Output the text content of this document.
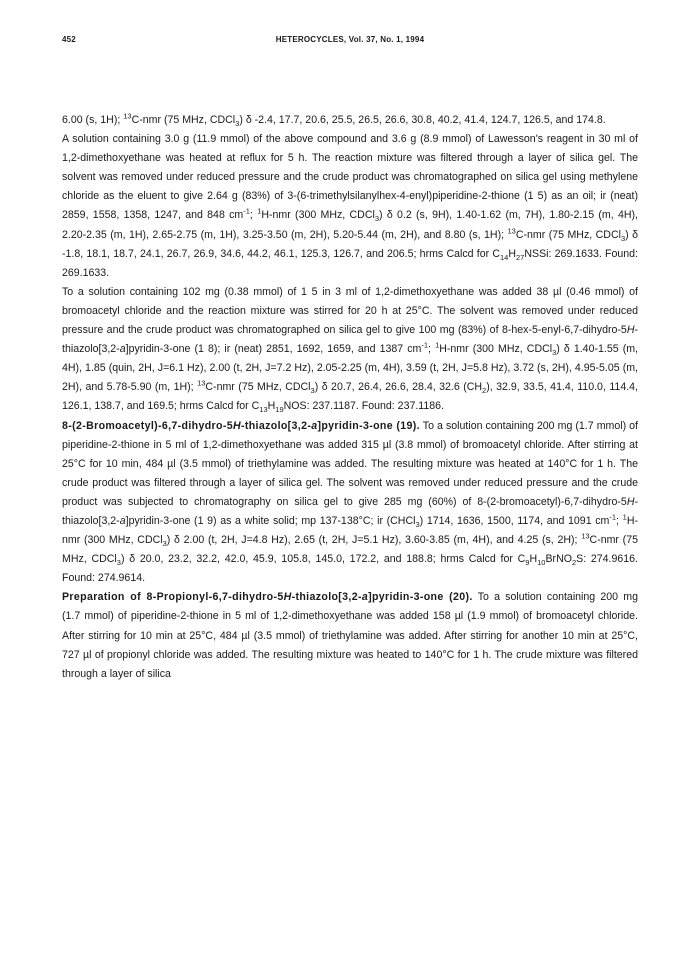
452	HETEROCYCLES, Vol. 37, No. 1, 1994

6.00 (s, 1H); $^{13}$C-nmr (75 MHz, CDCl$_3$) δ -2.4, 17.7, 20.6, 25.5, 26.5, 26.6, 30.8, 40.2, 41.4, 124.7, 126.5, and 174.8.

A solution containing 3.0 g (11.9 mmol) of the above compound and 3.6 g (8.9 mmol) of Lawesson's reagent in 30 ml of 1,2-dimethoxyethane was heated at reflux for 5 h. The reaction mixture was filtered through a layer of silica gel. The solvent was removed under reduced pressure and the crude product was chromatographed on silica gel using methylene chloride as the eluent to give 2.64 g (83%) of 3-(6-trimethylsilanylhex-4-enyl)piperidine-2-thione (1 5) as an oil; ir (neat) 2859, 1558, 1358, 1247, and 848 $cm^{-1}$; $^1$H-nmr (300 MHz, CDCl$_3$) δ 0.2 (s, 9H), 1.40-1.62 (m, 7H), 1.80-2.15 (m, 4H), 2.20-2.35 (m, 1H), 2.65-2.75 (m, 1H), 3.25-3.50 (m, 2H), 5.20-5.44 (m, 2H), and 8.80 (s, 1H); $^{13}$C-nmr (75 MHz, CDCl$_3$) δ -1.8, 18.1, 18.7, 24.1, 26.7, 26.9, 34.6, 44.2, 46.1, 125.3, 126.7, and 206.5; hrms Calcd for $C_{14}H_{27}NSSi$: 269.1633. Found: 269.1633.

To a solution containing 102 mg (0.38 mmol) of 1 5 in 3 ml of 1,2-dimethoxyethane was added 38 µl (0.46 mmol) of bromoacetyl chloride and the reaction mixture was stirred for 20 h at 25°C. The solvent was removed under reduced pressure and the crude product was chromatographed on silica gel to give 100 mg (83%) of 8-hex-5-enyl-6,7-dihydro-5H-thiazolo[3,2-a]pyridin-3-one (1 8); ir (neat) 2851, 1692, 1659, and 1387 $cm^{-1}$; $^1$H-nmr (300 MHz, CDCl$_3$) δ 1.40-1.55 (m, 4H), 1.85 (quin, 2H, J=6.1 Hz), 2.00 (t, 2H, J=7.2 Hz), 2.05-2.25 (m, 4H), 3.59 (t, 2H, J=5.8 Hz), 3.72 (s, 2H), 4.95-5.05 (m, 2H), and 5.78-5.90 (m, 1H); $^{13}$C-nmr (75 MHz, CDCl$_3$) δ 20.7, 26.4, 26.6, 28.4, 32.6 $(CH_2)$, 32.9, 33.5, 41.4, 110.0, 114.4, 126.1, 138.7, and 169.5; hrms Calcd for $C_{13}H_{19}NOS$: 237.1187. Found: 237.1186.

8-(2-Bromoacetyl)-6,7-dihydro-5H-thiazolo[3,2-a]pyridin-3-one (19). To a solution containing 200 mg (1.7 mmol) of piperidine-2-thione in 5 ml of 1,2-dimethoxyethane was added 315 µl (3.8 mmol) of bromoacetyl chloride. After stirring at 25°C for 10 min, 484 µl (3.5 mmol) of triethylamine was added. The resulting mixture was heated at 140°C for 1 h. The crude product was filtered through a layer of silica gel. The solvent was removed under reduced pressure and the crude product was subjected to chromatography on silica gel to give 285 mg (60%) of 8-(2-bromoacetyl)-6,7-dihydro-5H-thiazolo[3,2-a]pyridin-3-one (1 9) as a white solid; mp 137-138°C; ir (CHCl$_3$) 1714, 1636, 1500, 1174, and 1091 $cm^{-1}$; $^1$H-nmr (300 MHz, CDCl$_3$) δ 2.00 (t, 2H, J=4.8 Hz), 2.65 (t, 2H, J=5.1 Hz), 3.60-3.85 (m, 4H), and 4.25 (s, 2H); $^{13}$C-nmr (75 MHz, CDCl$_3$) δ 20.0, 23.2, 32.2, 42.0, 45.9, 105.8, 145.0, 172.2, and 188.8; hrms Calcd for $C_9H_{10}BrNO_2S$: 274.9616. Found: 274.9614.

Preparation of 8-Propionyl-6,7-dihydro-5H-thiazolo[3,2-a]pyridin-3-one (20). To a solution containing 200 mg (1.7 mmol) of piperidine-2-thione in 5 ml of 1,2-dimethoxyethane was added 158 µl (1.9 mmol) of bromoacetyl chloride. After stirring for 10 min at 25°C, 484 µl (3.5 mmol) of triethylamine was added. After stirring for another 10 min at 25°C, 727 µl of propionyl chloride was added. The resulting mixture was heated to 140°C for 1 h. The crude mixture was filtered through a layer of silica
